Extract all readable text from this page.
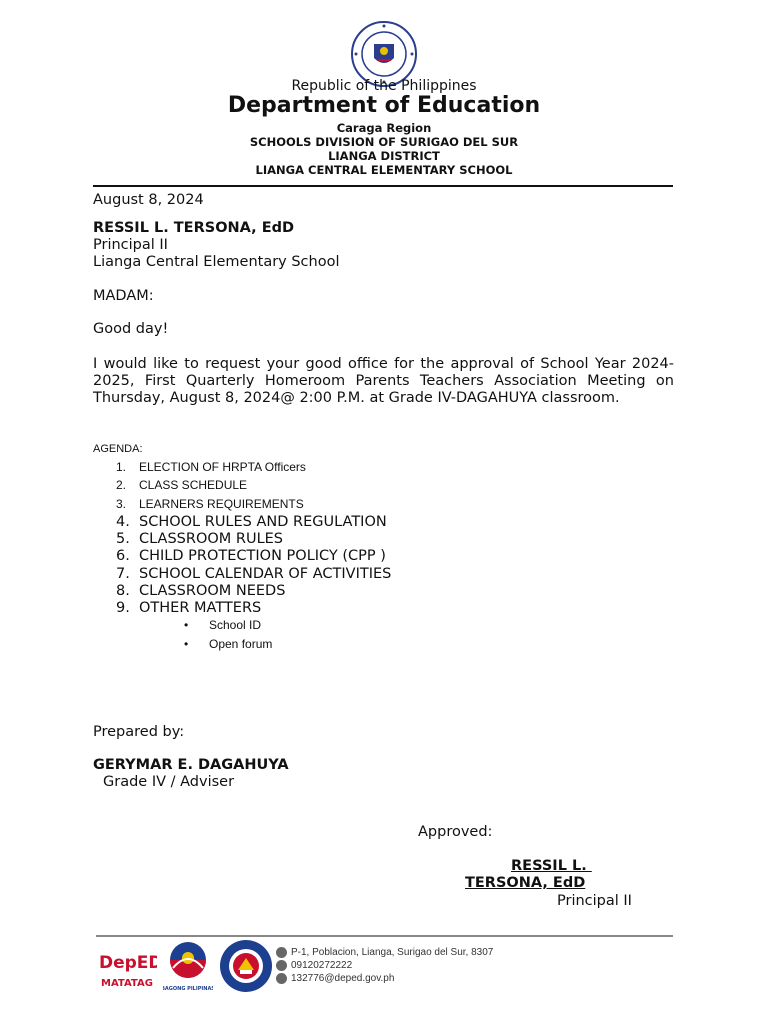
Republic of the Philippines
Department of Education
Caraga Region
SCHOOLS DIVISION OF SURIGAO DEL SUR
LIANGA DISTRICT
LIANGA CENTRAL ELEMENTARY SCHOOL
August 8, 2024
RESSIL L. TERSONA, EdD
Principal II
Lianga Central Elementary School
MADAM:
Good day!
I would like to request your good office for the approval of School Year 2024-2025, First Quarterly Homeroom Parents Teachers Association Meeting on Thursday, August 8, 2024@ 2:00 P.M. at Grade IV-DAGAHUYA classroom.
AGENDA:
1.	ELECTION OF HRPTA Officers
2.	CLASS SCHEDULE
3.	LEARNERS REQUIREMENTS
4. SCHOOL RULES AND REGULATION
5. CLASSROOM RULES
6. CHILD PROTECTION POLICY (CPP )
7. SCHOOL CALENDAR OF ACTIVITIES
8. CLASSROOM NEEDS
9. OTHER MATTERS
•	School ID
•	Open forum
Prepared by:
GERYMAR E. DAGAHUYA
Grade IV / Adviser
Approved:
RESSIL L.
TERSONA, EdD
Principal II
DepED
MATATAG BAGONG PILIPINAS
P-1, Poblacion, Lianga, Surigao del Sur, 8307
09120272222
132776@deped.gov.ph
